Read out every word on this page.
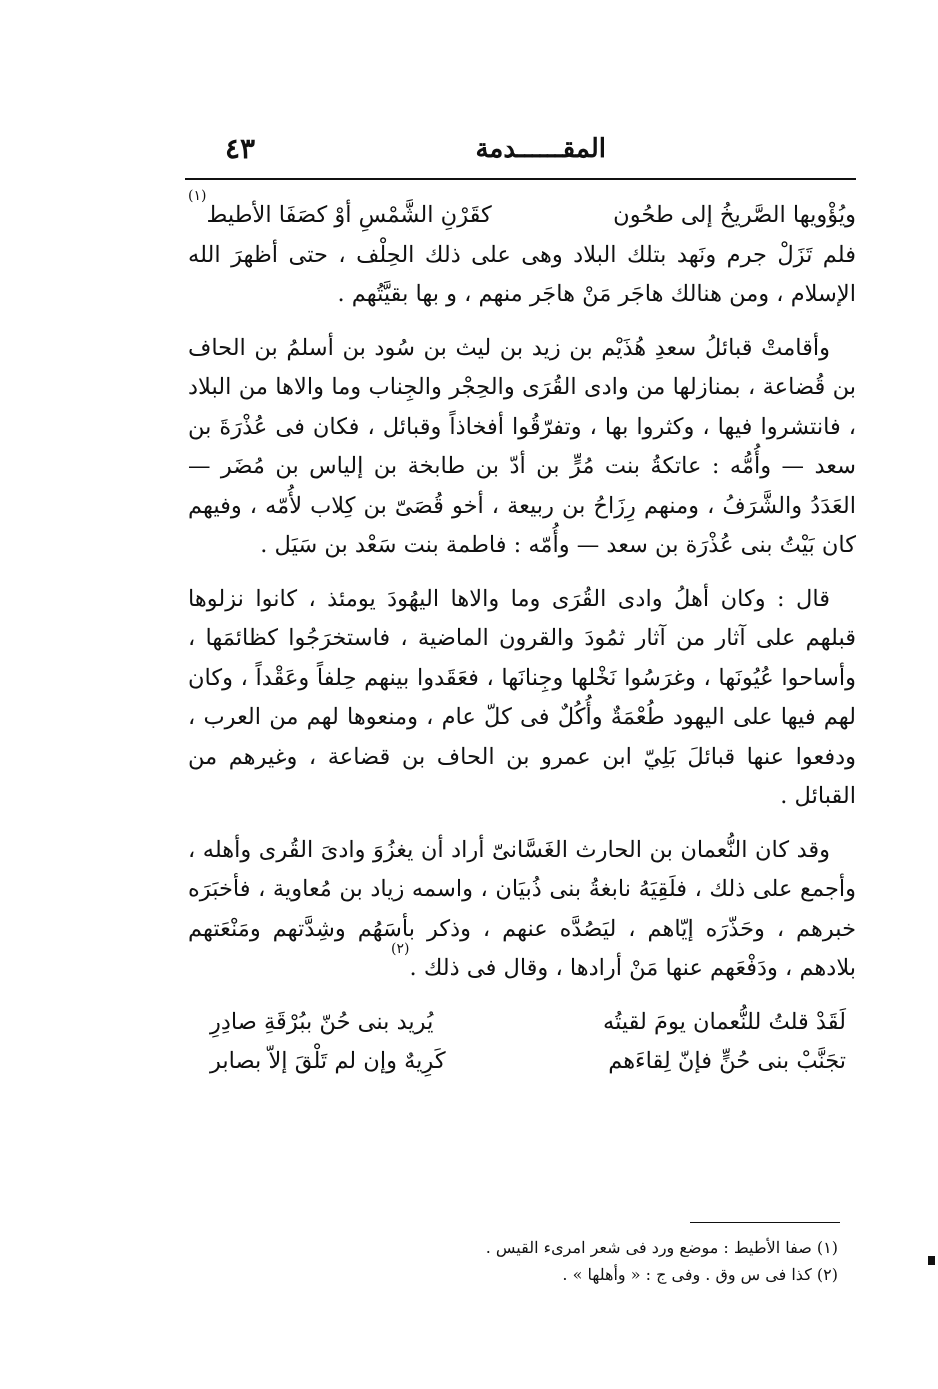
المقــــــدمة
٤٣
ويُؤْويها الصَّريخُ إلى طحُون
كقَرْنِ الشَّمْسِ أوْ كصَفَا الأطيط$^{(١)}$

فلم تَزَلْ جرم ونَهد بتلك البلاد وهى على ذلك الحِلْف ، حتى أظهرَ الله الإسلام ، ومن هنالك هاجَر مَنْ هاجَر منهم ، و بها بقيَّتُهم .

وأقامتْ قبائلُ سعدِ هُذَيْم بن زيد بن ليث بن سُود بن أسلمُ بن الحاف بن قُضاعة ، بمنازلها من وادى القُرَى والحِجْر والجِناب وما والاها من البلاد ، فانتشروا فيها ، وكثروا بها ، وتفرّقُوا أفخاذاً وقبائل ، فكان فى عُذْرَةَ بن سعد — وأُمُّه : عاتكةُ بنت مُرٍّ بن أدّ بن طابخة بن إلياس بن مُضَر — العَدَدُ والشَّرَفُ ، ومنهم رِزَاحُ بن ربيعة ، أخو قُصَىّ بن كِلاب لأُمّه ، وفيهم كان بَيْتُ بنى عُذْرَة بن سعد — وأُمّه : فاطمة بنت سَعْد بن سَيَل .

قال : وكان أهلُ وادى القُرَى وما والاها اليهُودَ يومئذ ، كانوا نزلوها قبلهم على آثار من آثار ثمُودَ والقرون الماضية ، فاستخرَجُوا كظائمَها ، وأساحوا عُيُونَها ، وغرَسُوا نَخْلها وجِنانَها ، فعَقَدوا بينهم حِلفاً وعَقْداً ، وكان لهم فيها على اليهود طُعْمَةٌ وأُكُلٌ فى كلّ عام ، ومنعوها لهم من العرب ، ودفعوا عنها قبائلَ بَلِيّ ابن عمرو بن الحاف بن قضاعة ، وغيرهم من القبائل .

وقد كان النُّعمان بن الحارث الغَسَّانىّ أراد أن يغزُوَ وادىَ القُرى وأهله ، وأجمع على ذلك ، فلَقِيَهُ نابغةُ بنى ذُبيَان ، واسمه زياد بن مُعاوية ، فأخبَرَه خبرهم ، وحَذّرَه إيّاهم ، ليَصُدَّه عنهم ، وذكر بأسَهُم وشِدَّتهم ومَنْعَتهم بلادهم ، ودَفْعَهم عنها مَنْ أرادها ، وقال فى ذلك .$^{(٢)}$

لَقَدْ قلتُ للنُّعمان يومَ لقيتُه
يُريد بنى حُنّ ببُرْقَةِ صادِرِ
تجَنَّبْ بنى حُنٍّ فإنّ لِقاءَهم
كَرِيهٌ وإن لم تَلْقَ إلاّ بصابر
(١) صفا الأطيط : موضع ورد فى شعر امرىء القيس .
(٢) كذا فى س وق . وفى ج : « وأهلها » .
